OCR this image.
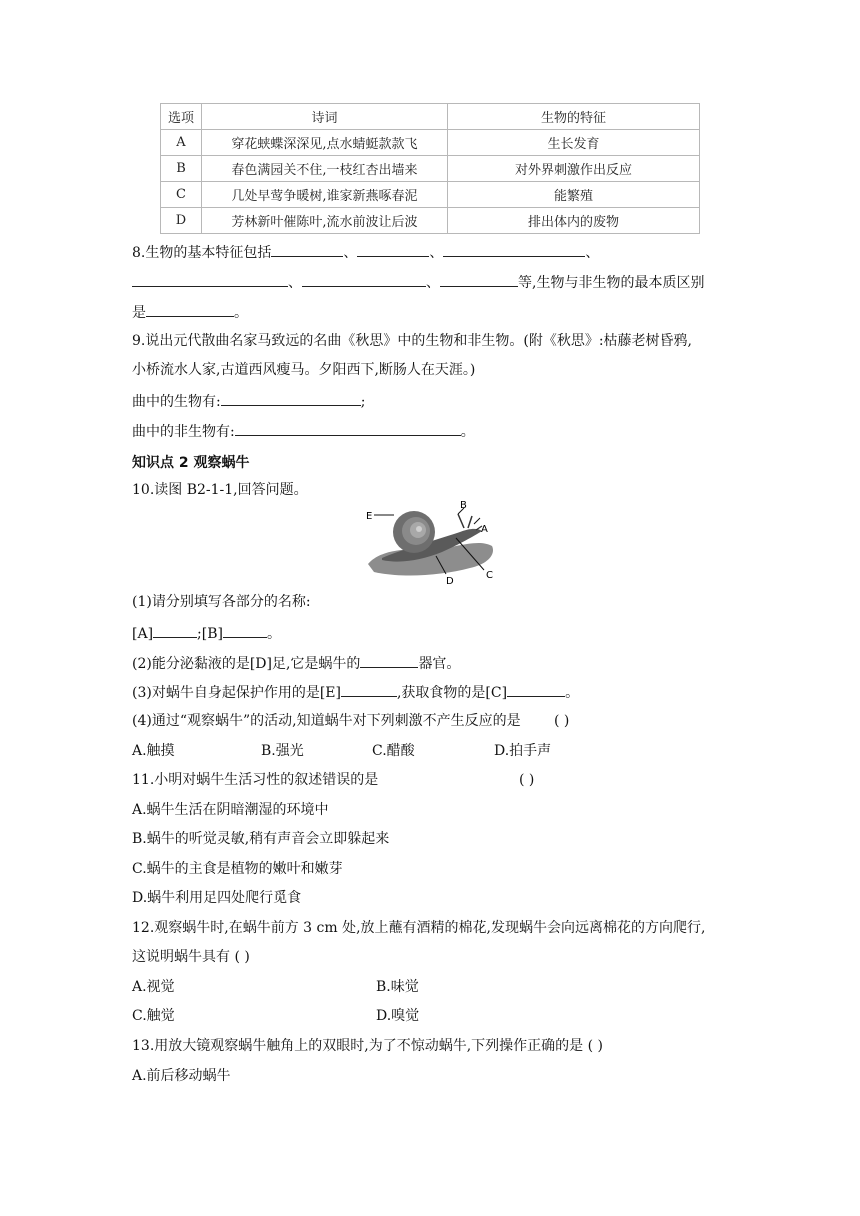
选项	诗词	生物的特征
A	穿花蛱蝶深深见,点水蜻蜓款款飞	生长发育
B	春色满园关不住,一枝红杏出墙来	对外界刺激作出反应
C	几处早莺争暖树,谁家新燕啄春泥	能繁殖
D	芳林新叶催陈叶,流水前波让后波	排出体内的废物
8.生物的基本特征包括	、	、	、
、	、	等,生物与非生物的最本质区别
是	。
9.说出元代散曲名家马致远的名曲《秋思》中的生物和非生物。(附《秋思》:枯藤老树昏鸦,
小桥流水人家,古道西风瘦马。夕阳西下,断肠人在天涯。)
曲中的生物有:	;
曲中的非生物有:	。
知识点 2 观察蜗牛
10.读图 B2-1-1,回答问题。
E
B
A
D
C
(1)请分别填写各部分的名称:
[A]	;[B]	。
(2)能分泌黏液的是[D]足,它是蜗牛的	器官。
(3)对蜗牛自身起保护作用的是[E]	,获取食物的是[C]	。
(4)通过“观察蜗牛”的活动,知道蜗牛对下列刺激不产生反应的是 ( )
A.触摸	B.强光	C.醋酸	D.拍手声
11.小明对蜗牛生活习性的叙述错误的是	( )
A.蜗牛生活在阴暗潮湿的环境中
B.蜗牛的听觉灵敏,稍有声音会立即躲起来
C.蜗牛的主食是植物的嫩叶和嫩芽
D.蜗牛利用足四处爬行觅食
12.观察蜗牛时,在蜗牛前方 3 cm 处,放上蘸有酒精的棉花,发现蜗牛会向远离棉花的方向爬行,
这说明蜗牛具有 ( )
A.视觉	B.味觉
C.触觉	D.嗅觉
13.用放大镜观察蜗牛触角上的双眼时,为了不惊动蜗牛,下列操作正确的是 ( )
A.前后移动蜗牛
